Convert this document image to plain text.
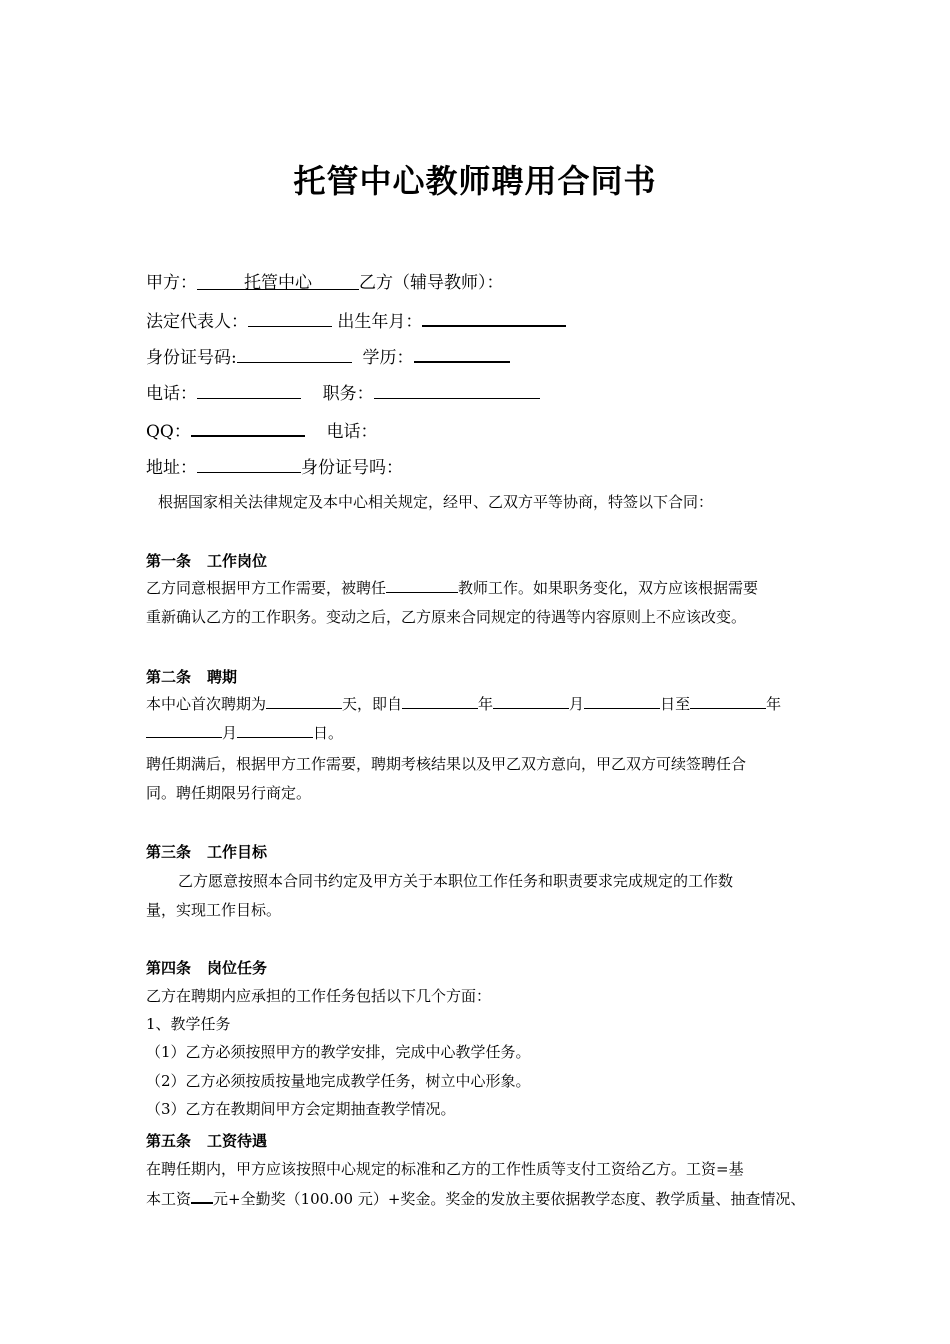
托管中心教师聘用合同书
甲方：	托管中心	乙方（辅导教师）：
法定代表人：	出生年月：
身份证号码:	学历：
电话：	职务：
QQ：	电话：
地址：	身份证号吗：
根据国家相关法律规定及本中心相关规定，经甲、乙双方平等协商，特签以下合同：
第一条 工作岗位
乙方同意根据甲方工作需要，被聘任	教师工作。如果职务变化，双方应该根据需要
重新确认乙方的工作职务。变动之后，乙方原来合同规定的待遇等内容原则上不应该改变。
第二条 聘期
本中心首次聘期为	天，即自	年	月	日至	年
月	日。
聘任期满后，根据甲方工作需要，聘期考核结果以及甲乙双方意向，甲乙双方可续签聘任合
同。聘任期限另行商定。
第三条 工作目标
乙方愿意按照本合同书约定及甲方关于本职位工作任务和职责要求完成规定的工作数
量，实现工作目标。
第四条 岗位任务
乙方在聘期内应承担的工作任务包括以下几个方面：
1、教学任务
（1）乙方必须按照甲方的教学安排，完成中心教学任务。
（2）乙方必须按质按量地完成教学任务，树立中心形象。
（3）乙方在教期间甲方会定期抽查教学情况。
第五条 工资待遇
在聘任期内，甲方应该按照中心规定的标准和乙方的工作性质等支付工资给乙方。工资=基
本工资 元+全勤奖（100.00 元）+奖金。奖金的发放主要依据教学态度、教学质量、抽查情况、
